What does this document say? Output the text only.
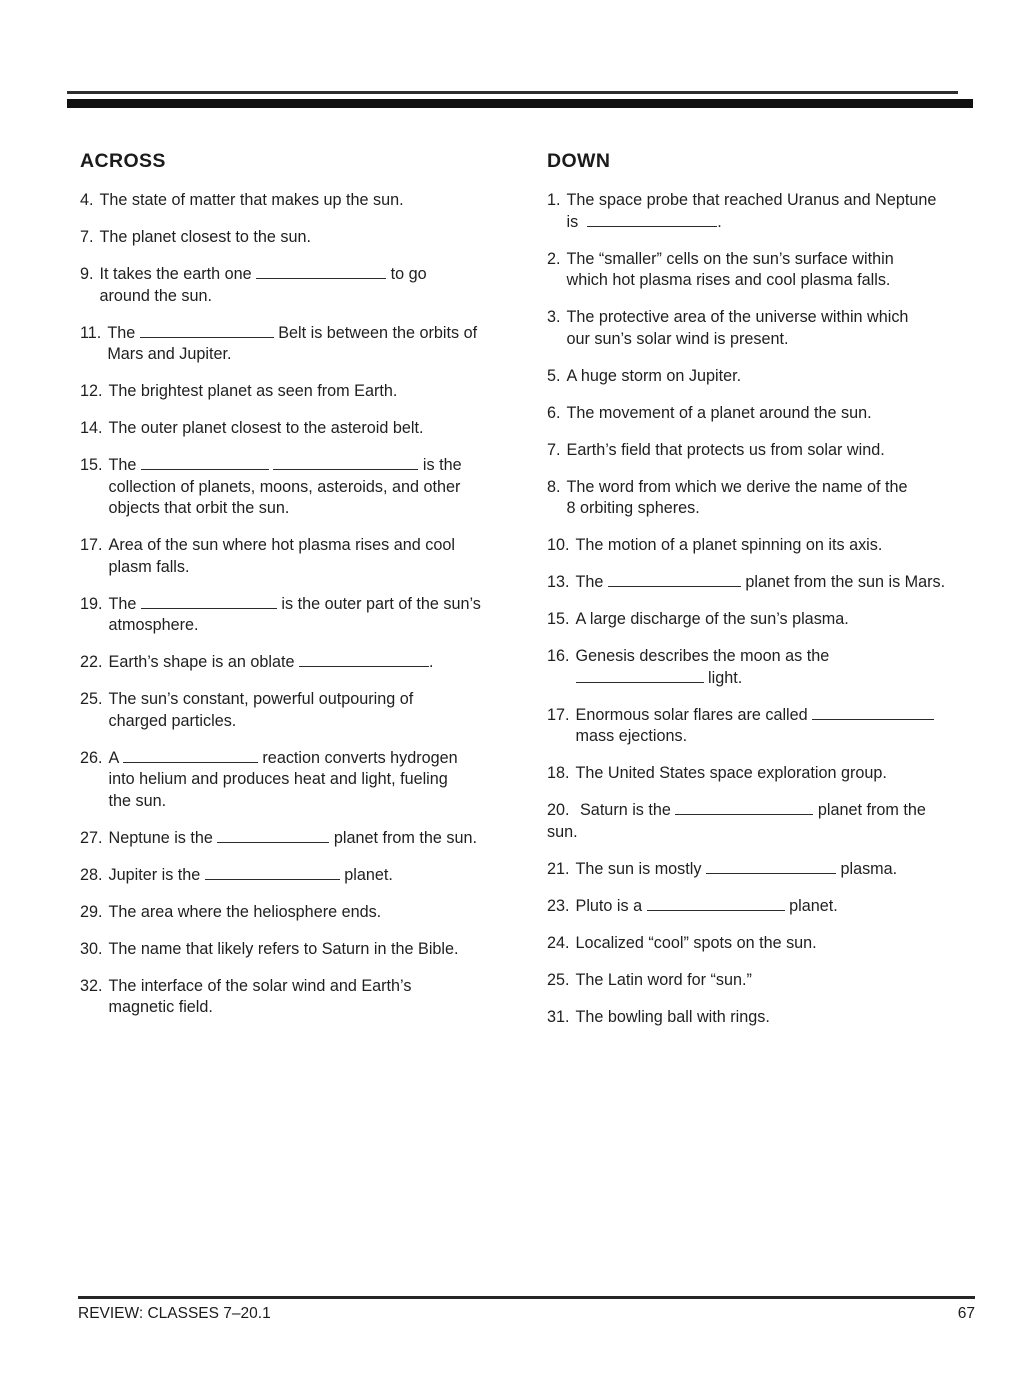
ACROSS
4. The state of matter that makes up the sun.
7. The planet closest to the sun.
9. It takes the earth one	to go
around the sun.
11. The	Belt is between the orbits of
Mars and Jupiter.
12. The brightest planet as seen from Earth.
14. The outer planet closest to the asteroid belt.
15. The	is the
collection of planets, moons, asteroids, and other
objects that orbit the sun.
17. Area of the sun where hot plasma rises and cool
plasm falls.
19. The	is the outer part of the sun’s
atmosphere.
22. Earth’s shape is an oblate	.
25. The sun’s constant, powerful outpouring of
charged particles.
26. A	reaction converts hydrogen
into helium and produces heat and light, fueling
the sun.
27. Neptune is the	planet from the sun.
28. Jupiter is the	planet.
29. The area where the heliosphere ends.
30. The name that likely refers to Saturn in the Bible.
32. The interface of the solar wind and Earth’s
magnetic field.
DOWN
1. The space probe that reached Uranus and Neptune
is	.
2. The “smaller” cells on the sun’s surface within
which hot plasma rises and cool plasma falls.
3. The protective area of the universe within which
our sun’s solar wind is present.
5. A huge storm on Jupiter.
6. The movement of a planet around the sun.
7. Earth’s field that protects us from solar wind.
8. The word from which we derive the name of the
8 orbiting spheres.
10. The motion of a planet spinning on its axis.
13. The	planet from the sun is Mars.
15. A large discharge of the sun’s plasma.
16. Genesis describes the moon as the
light.
17. Enormous solar flares are called
mass ejections.
18. The United States space exploration group.
20. Saturn is the	planet from the
sun.
21. The sun is mostly	plasma.
23. Pluto is a	planet.
24. Localized “cool” spots on the sun.
25. The Latin word for “sun.”
31. The bowling ball with rings.
REVIEW: CLASSES 7–20.1	67
